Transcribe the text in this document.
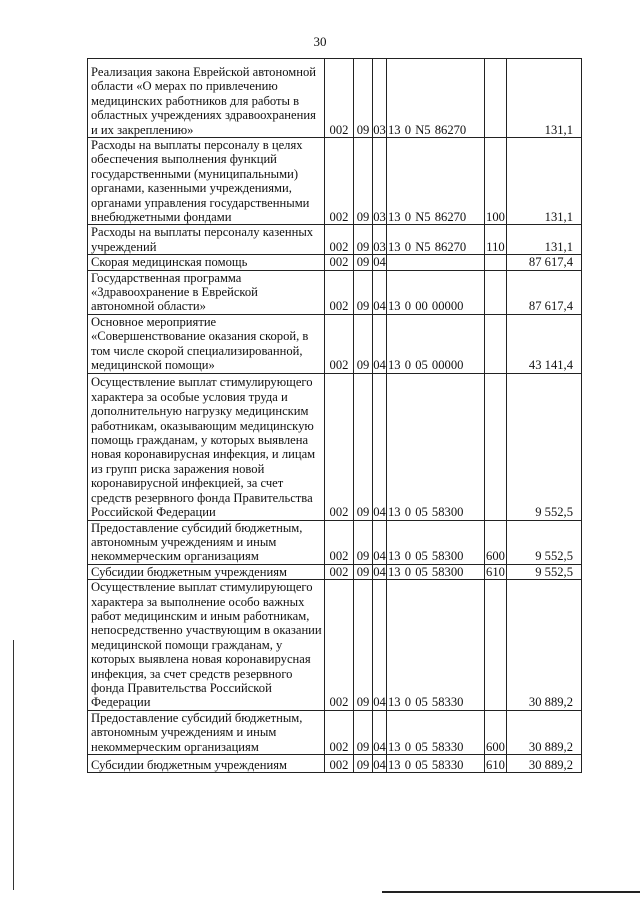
30
Реализация закона Еврейской автономной области «О мерах по привлечению медицинских работников для работы в областных учреждениях здравоохранения и их закреплению»	002	09	03	13 0 N5 86270		131,1
Расходы на выплаты персоналу в целях обеспечения выполнения функций государственными (муниципальными) органами, казенными учреждениями, органами управления государственными внебюджетными фондами	002	09	03	13 0 N5 86270	100	131,1
Расходы на выплаты персоналу казенных учреждений	002	09	03	13 0 N5 86270	110	131,1
Скорая медицинская помощь	002	09	04			87 617,4
Государственная программа «Здравоохранение в Еврейской автономной области»	002	09	04	13 0 00 00000		87 617,4
Основное мероприятие «Совершенствование оказания скорой, в том числе скорой специализированной, медицинской помощи»	002	09	04	13 0 05 00000		43 141,4
Осуществление выплат стимулирующего характера за особые условия труда и дополнительную нагрузку медицинским работникам, оказывающим медицинскую помощь гражданам, у которых выявлена новая коронавирусная инфекция, и лицам из групп риска заражения новой коронавирусной инфекцией, за счет средств резервного фонда Правительства Российской Федерации	002	09	04	13 0 05 58300		9 552,5
Предоставление субсидий бюджетным, автономным учреждениям и иным некоммерческим организациям	002	09	04	13 0 05 58300	600	9 552,5
Субсидии бюджетным учреждениям	002	09	04	13 0 05 58300	610	9 552,5
Осуществление выплат стимулирующего характера за выполнение особо важных работ медицинским и иным работникам, непосредственно участвующим в оказании медицинской помощи гражданам, у которых выявлена новая коронавирусная инфекция, за счет средств резервного фонда Правительства Российской Федерации	002	09	04	13 0 05 58330		30 889,2
Предоставление субсидий бюджетным, автономным учреждениям и иным некоммерческим организациям	002	09	04	13 0 05 58330	600	30 889,2
Субсидии бюджетным учреждениям	002	09	04	13 0 05 58330	610	30 889,2
